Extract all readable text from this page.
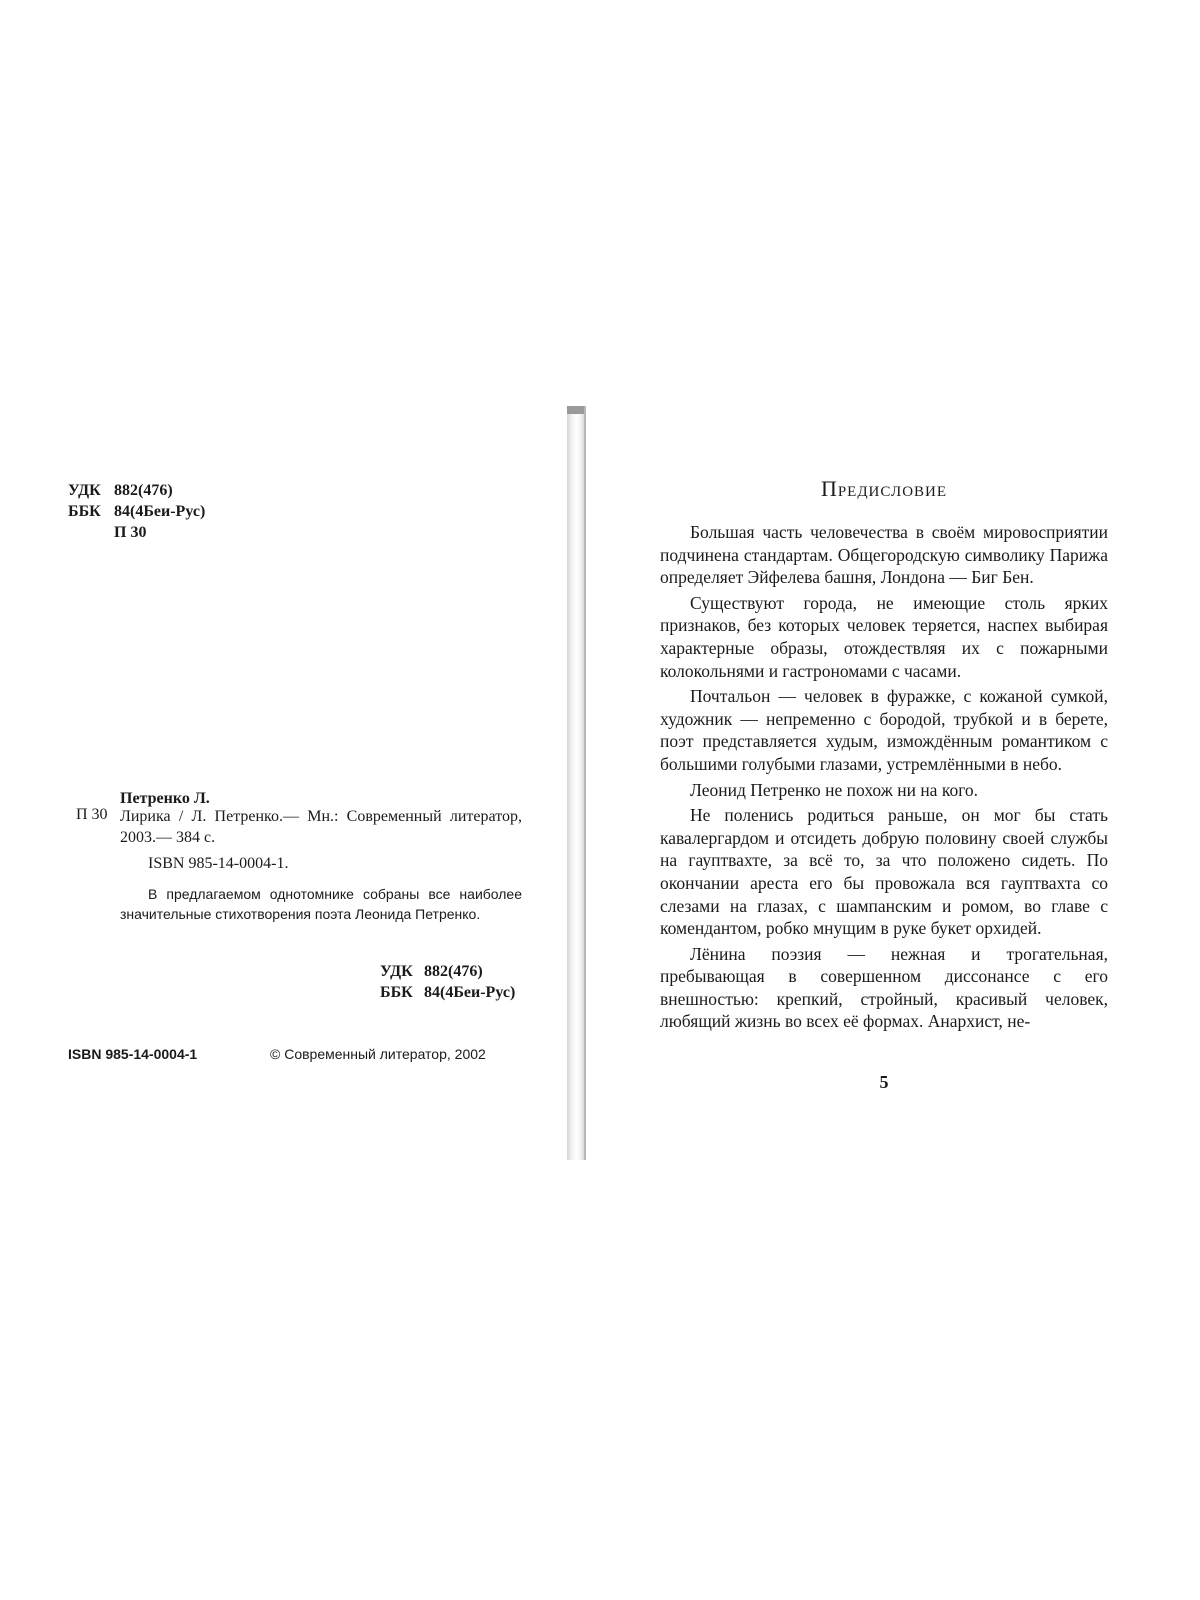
УДК 882(476)
ББК 84(4Беи-Рус)
П 30
Петренко Л.
П 30 Лирика / Л. Петренко.— Мн.: Современный литератор, 2003.— 384 с.
ISBN 985-14-0004-1.
В предлагаемом однотомнике собраны все наиболее значительные стихотворения поэта Леонида Петренко.
УДК 882(476)
ББК 84(4Беи-Рус)
ISBN 985-14-0004-1	© Современный литератор, 2002
Предисловие

Большая часть человечества в своём мировосприятии подчинена стандартам. Общегородскую символику Парижа определяет Эйфелева башня, Лондона — Биг Бен.

Существуют города, не имеющие столь ярких признаков, без которых человек теряется, наспех выбирая характерные образы, отождествляя их с пожарными колокольнями и гастрономами с часами.

Почтальон — человек в фуражке, с кожаной сумкой, художник — непременно с бородой, трубкой и в берете, поэт представляется худым, измождённым романтиком с большими голубыми глазами, устремлёнными в небо.

Леонид Петренко не похож ни на кого.

Не поленись родиться раньше, он мог бы стать кавалергардом и отсидеть добрую половину своей службы на гауптвахте, за всё то, за что положено сидеть. По окончании ареста его бы провожала вся гауптвахта со слезами на глазах, с шампанским и ромом, во главе с комендантом, робко мнущим в руке букет орхидей.

Лёнина поэзия — нежная и трогательная, пребывающая в совершенном диссонансе с его внешностью: крепкий, стройный, красивый человек, любящий жизнь во всех её формах. Анархист, не-

5
